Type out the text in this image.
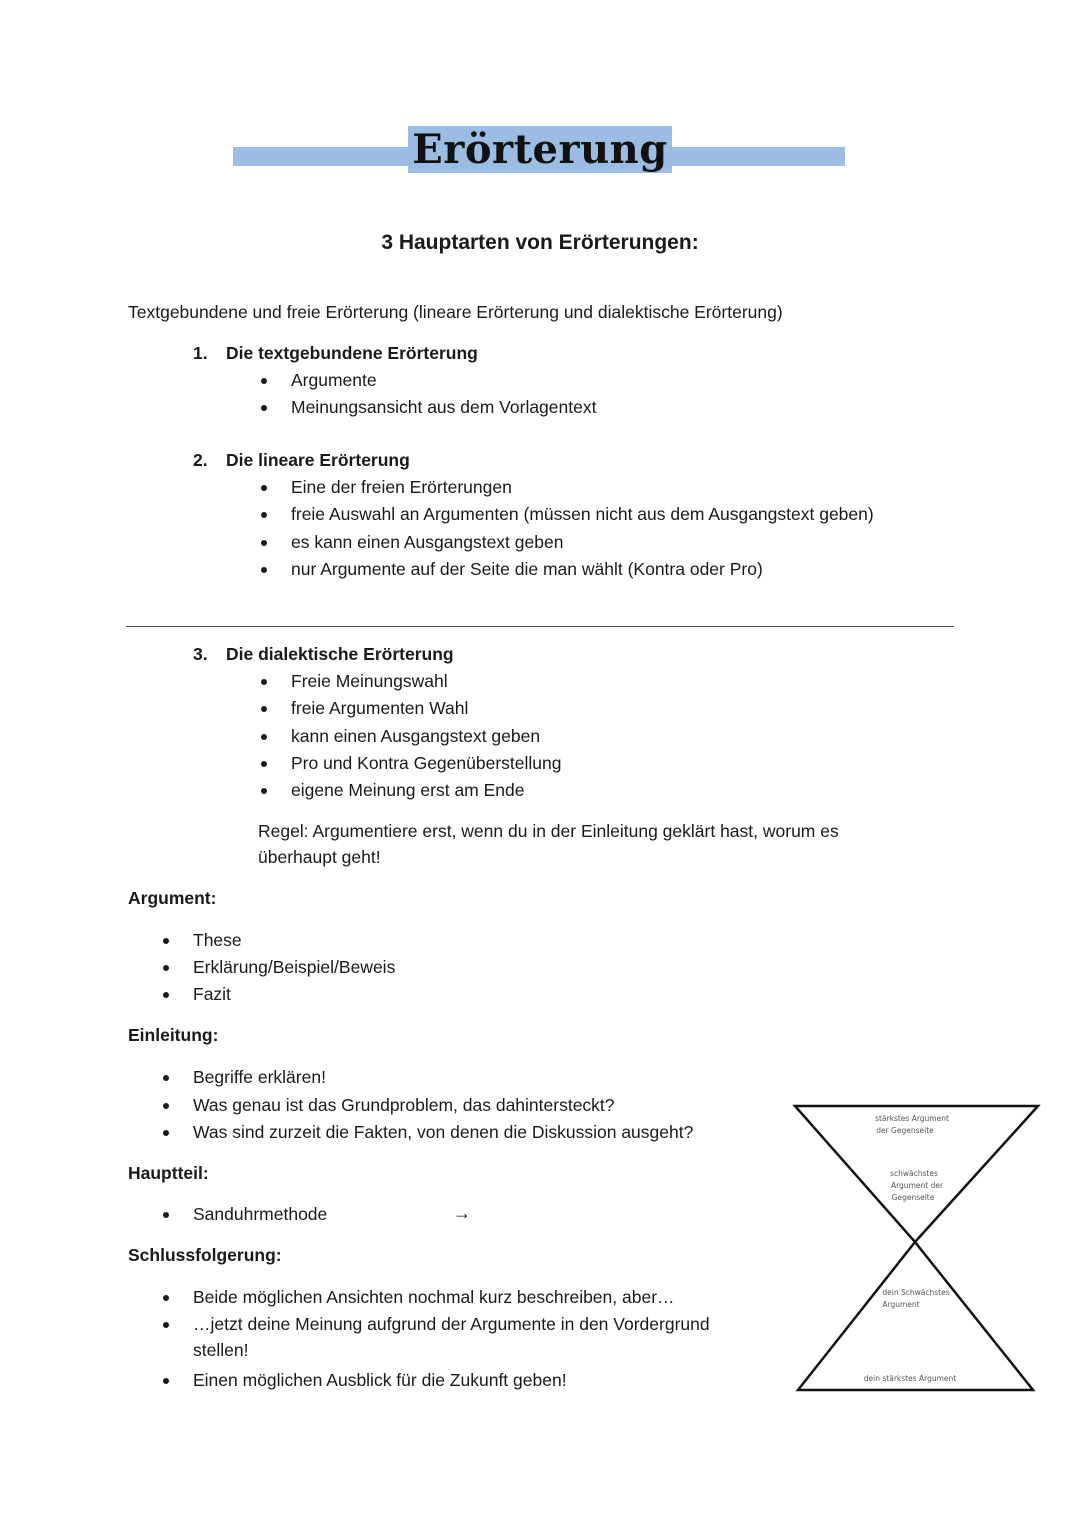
Erörterung
3 Hauptarten von Erörterungen:
Textgebundene und freie Erörterung (lineare Erörterung und dialektische Erörterung)
1. Die textgebundene Erörterung
Argumente
Meinungsansicht aus dem Vorlagentext
2. Die lineare Erörterung
Eine der freien Erörterungen
freie Auswahl an Argumenten (müssen nicht aus dem Ausgangstext geben)
es kann einen Ausgangstext geben
nur Argumente auf der Seite die man wählt (Kontra oder Pro)
3. Die dialektische Erörterung
Freie Meinungswahl
freie Argumenten Wahl
kann einen Ausgangstext geben
Pro und Kontra Gegenüberstellung
eigene Meinung erst am Ende
Regel: Argumentiere erst, wenn du in der Einleitung geklärt hast, worum es
überhaupt geht!
Argument:
These
Erklärung/Beispiel/Beweis
Fazit
Einleitung:
Begriffe erklären!
Was genau ist das Grundproblem, das dahintersteckt?
Was sind zurzeit die Fakten, von denen die Diskussion ausgeht?
Hauptteil:
Sanduhrmethode	→
Schlussfolgerung:
Beide möglichen Ansichten nochmal kurz beschreiben, aber…
…jetzt deine Meinung aufgrund der Argumente in den Vordergrund
stellen!
Einen möglichen Ausblick für die Zukunft geben!
stärkstes Argument
der Gegenseite
schwächstes
Argument der
Gegenseite
dein Schwächstes
Argument
dein stärkstes Argument
